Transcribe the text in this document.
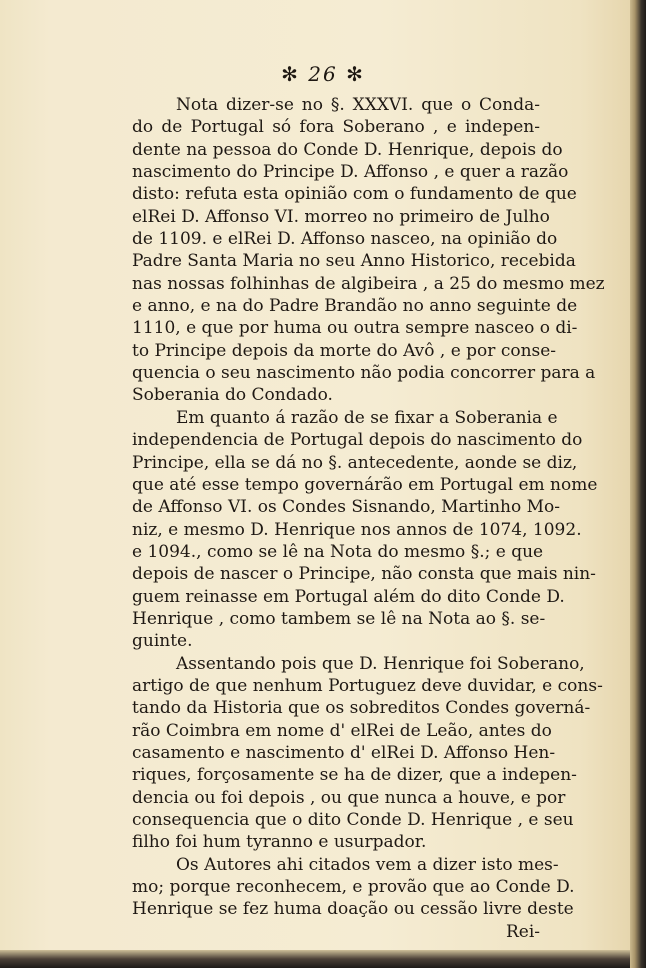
✻ 26 ✻
Nota dizer-se no §. XXXVI. que o Conda-
do de Portugal só fora Soberano , e indepen-
dente na pessoa do Conde D. Henrique, depois do
nascimento do Principe D. Affonso , e quer a razão
disto: refuta esta opinião com o fundamento de que
elRei D. Affonso VI. morreo no primeiro de Julho
de 1109. e elRei D. Affonso nasceo, na opinião do
Padre Santa Maria no seu Anno Historico, recebida
nas nossas folhinhas de algibeira , a 25 do mesmo mez
e anno, e na do Padre Brandão no anno seguinte de
1110, e que por huma ou outra sempre nasceo o di-
to Principe depois da morte do Avô , e por conse-
quencia o seu nascimento não podia concorrer para a
Soberania do Condado.
Em quanto á razão de se fixar a Soberania e
independencia de Portugal depois do nascimento do
Principe, ella se dá no §. antecedente, aonde se diz,
que até esse tempo governárão em Portugal em nome
de Affonso VI. os Condes Sisnando, Martinho Mo-
niz, e mesmo D. Henrique nos annos de 1074, 1092.
e 1094., como se lê na Nota do mesmo §.; e que
depois de nascer o Principe, não consta que mais nin-
guem reinasse em Portugal além do dito Conde D.
Henrique , como tambem se lê na Nota ao §. se-
guinte.
Assentando pois que D. Henrique foi Soberano,
artigo de que nenhum Portuguez deve duvidar, e cons-
tando da Historia que os sobreditos Condes governá-
rão Coimbra em nome d' elRei de Leão, antes do
casamento e nascimento d' elRei D. Affonso Hen-
riques, forçosamente se ha de dizer, que a indepen-
dencia ou foi depois , ou que nunca a houve, e por
consequencia que o dito Conde D. Henrique , e seu
filho foi hum tyranno e usurpador.
Os Autores ahi citados vem a dizer isto mes-
mo; porque reconhecem, e provão que ao Conde D.
Henrique se fez huma doação ou cessão livre deste
Rei-
